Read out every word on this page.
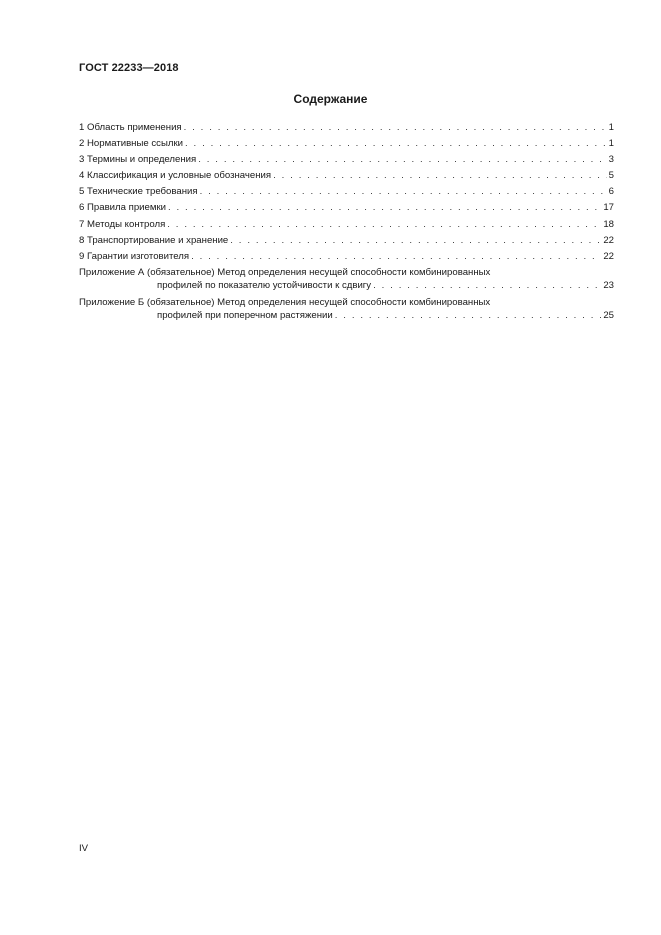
ГОСТ 22233—2018
Содержание
1 Область применения . . .	1
2 Нормативные ссылки . . .	1
3 Термины и определения . . .	3
4 Классификация и условные обозначения . . .	5
5 Технические требования . . .	6
6 Правила приемки . . .	17
7 Методы контроля . . .	18
8 Транспортирование и хранение . . .	22
9 Гарантии изготовителя . . .	22
Приложение А (обязательное) Метод определения несущей способности комбинированных
профилей по показателю устойчивости к сдвигу . . .	23
Приложение Б (обязательное) Метод определения несущей способности комбинированных
профилей при поперечном растяжении . . .	25
IV
